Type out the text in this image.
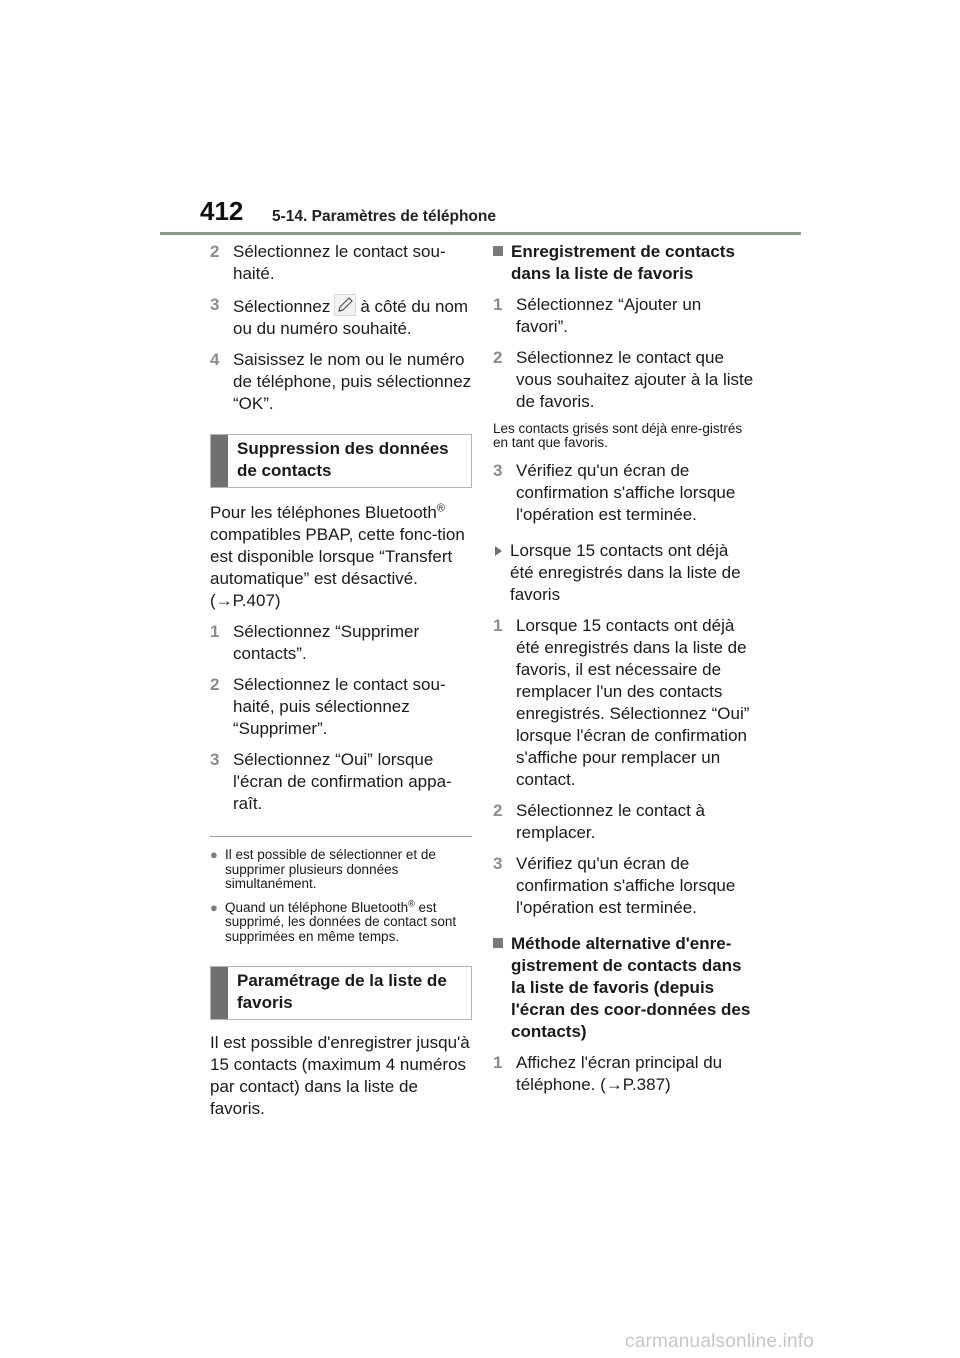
412 5-14. Paramètres de téléphone
2 Sélectionnez le contact sou-haité.
3 Sélectionnez à côté du nom ou du numéro souhaité.
4 Saisissez le nom ou le numéro de téléphone, puis sélectionnez “OK”.
Suppression des données de contacts
Pour les téléphones Bluetooth® compatibles PBAP, cette fonc-tion est disponible lorsque “Transfert automatique” est désactivé. (→P.407)
1 Sélectionnez “Supprimer contacts”.
2 Sélectionnez le contact sou-haité, puis sélectionnez “Supprimer”.
3 Sélectionnez “Oui” lorsque l'écran de confirmation appa-raît.
● Il est possible de sélectionner et de supprimer plusieurs données simultanément.
● Quand un téléphone Bluetooth® est supprimé, les données de contact sont supprimées en même temps.
Paramétrage de la liste de favoris
Il est possible d'enregistrer jusqu'à 15 contacts (maximum 4 numéros par contact) dans la liste de favoris.
Enregistrement de contacts dans la liste de favoris
1 Sélectionnez “Ajouter un favori”.
2 Sélectionnez le contact que vous souhaitez ajouter à la liste de favoris.
Les contacts grisés sont déjà enre-gistrés en tant que favoris.
3 Vérifiez qu'un écran de confirmation s'affiche lorsque l'opération est terminée.
Lorsque 15 contacts ont déjà été enregistrés dans la liste de favoris
1 Lorsque 15 contacts ont déjà été enregistrés dans la liste de favoris, il est nécessaire de remplacer l'un des contacts enregistrés. Sélectionnez “Oui” lorsque l'écran de confirmation s'affiche pour remplacer un contact.
2 Sélectionnez le contact à remplacer.
3 Vérifiez qu'un écran de confirmation s'affiche lorsque l'opération est terminée.
Méthode alternative d'enre-gistrement de contacts dans la liste de favoris (depuis l'écran des coor-données des contacts)
1 Affichez l'écran principal du téléphone. (→P.387)
carmanualsonline.info
